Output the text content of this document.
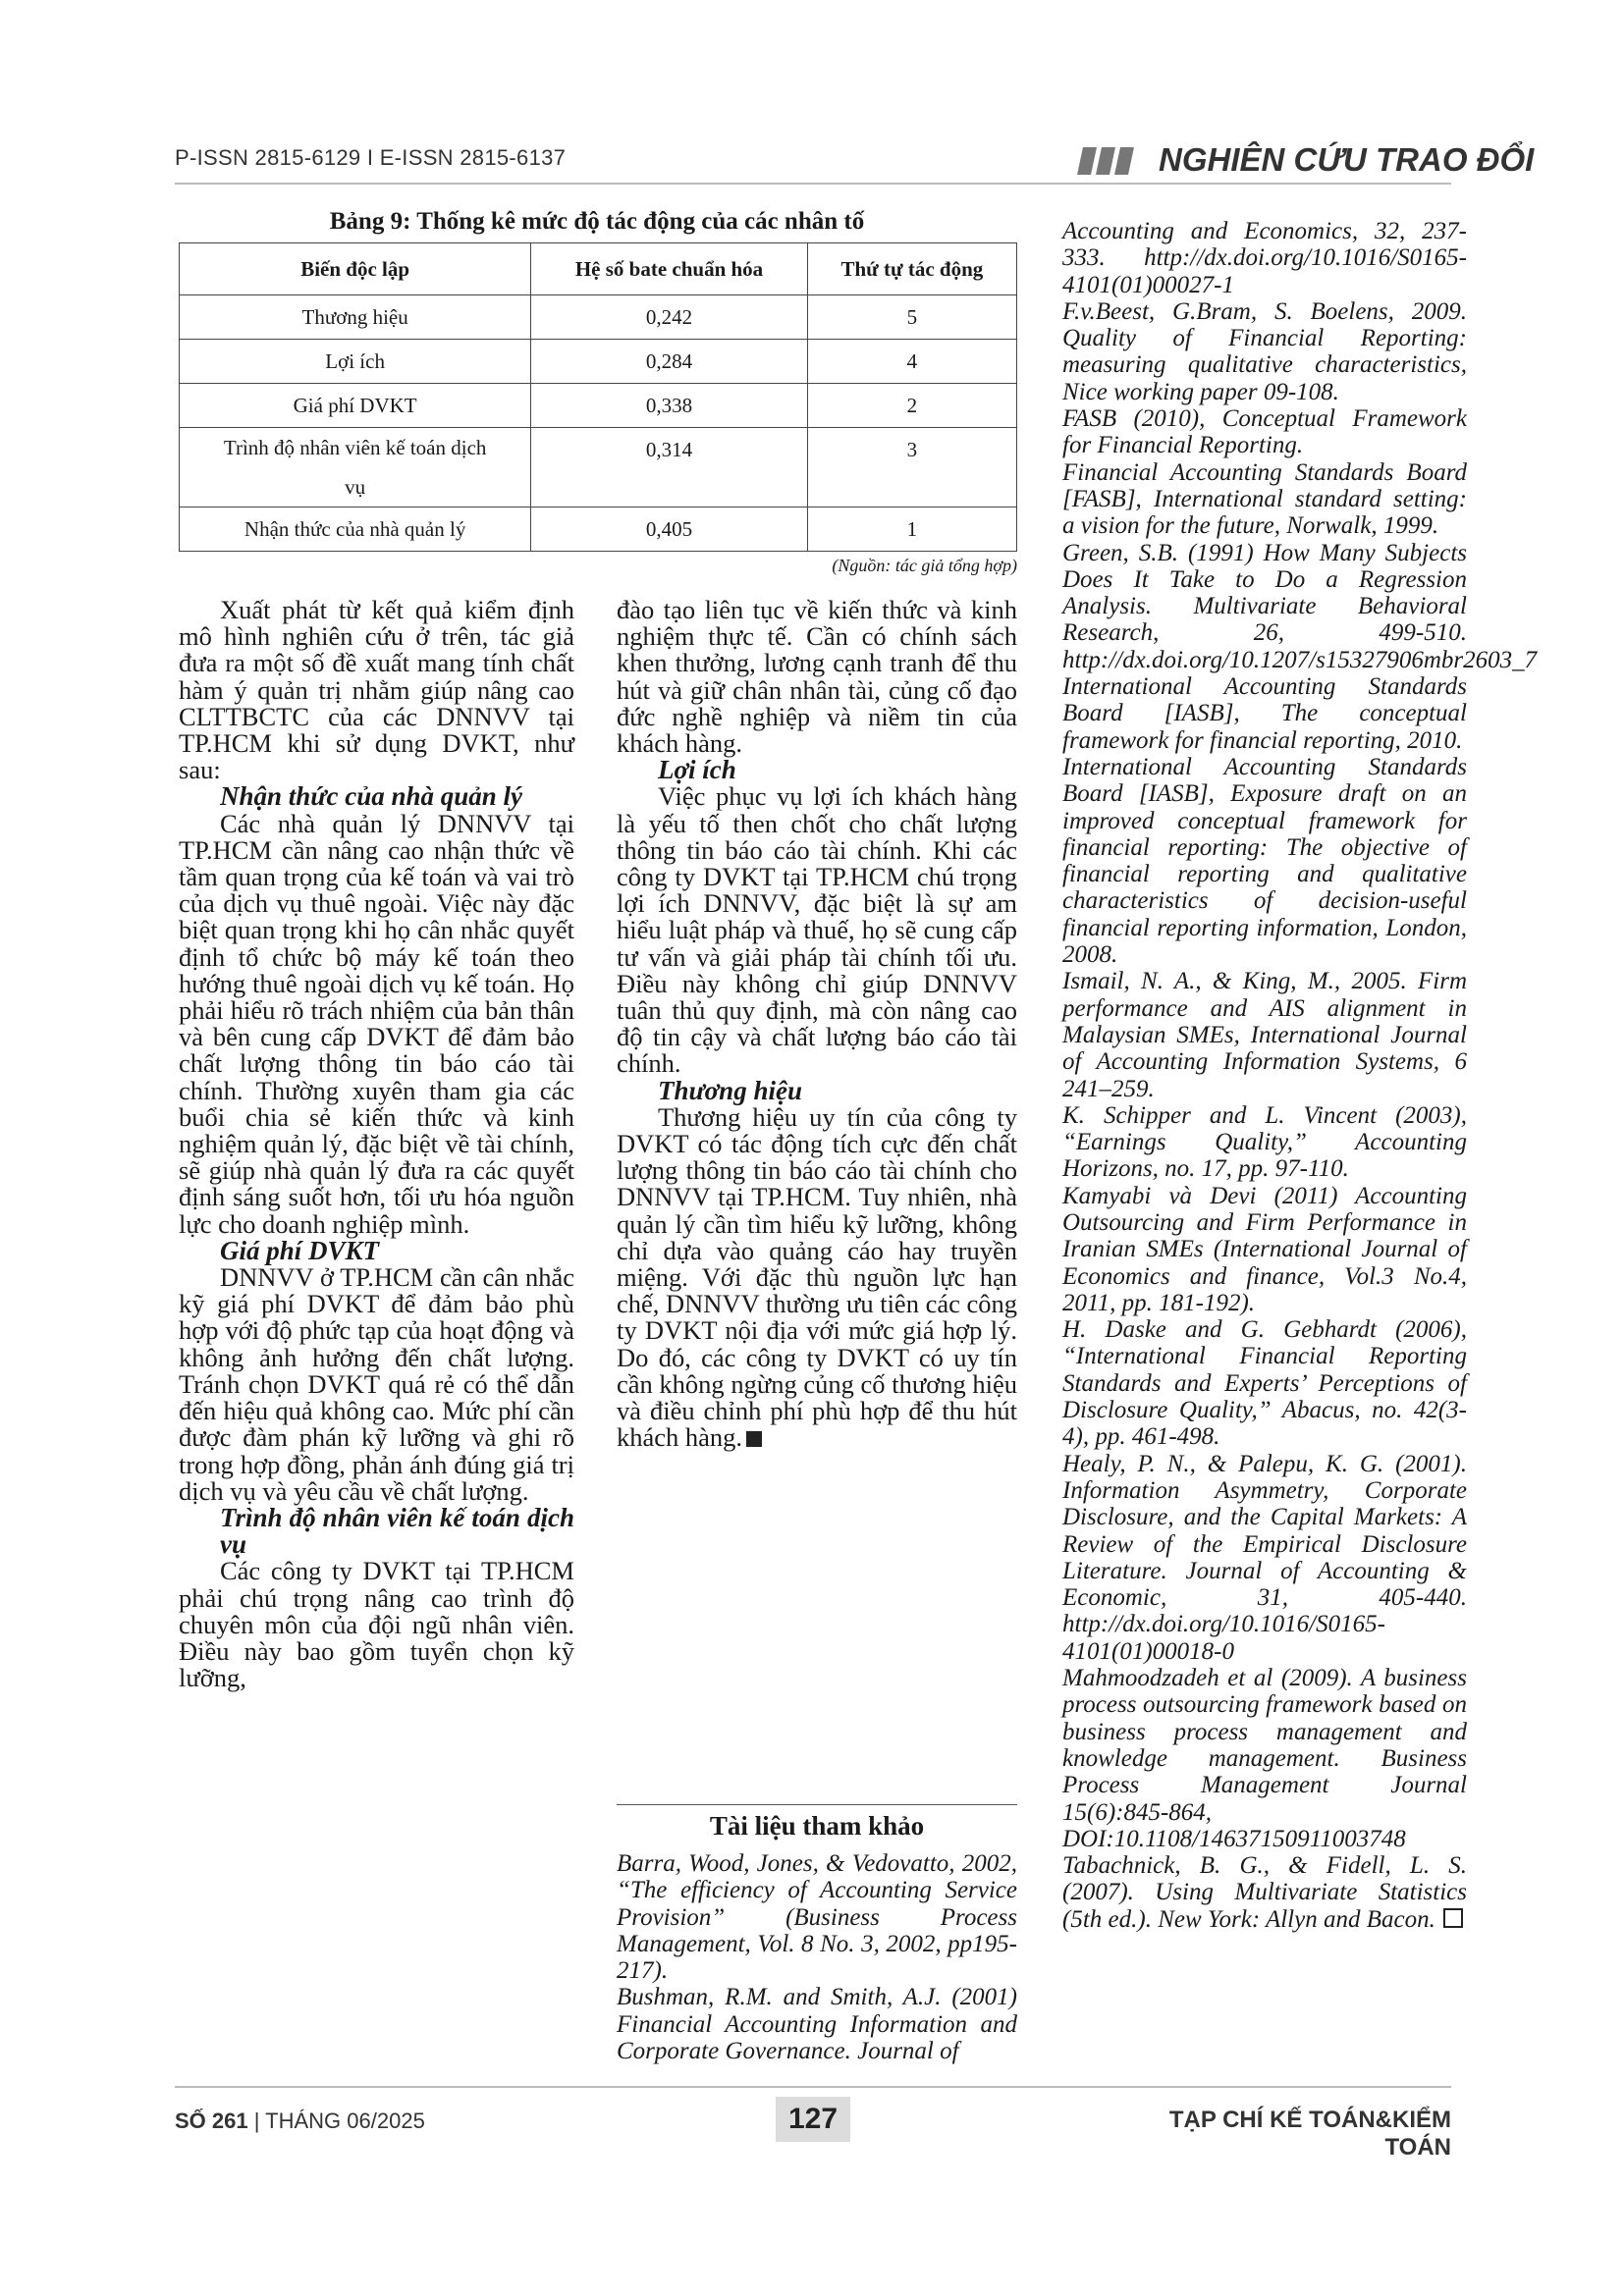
P-ISSN 2815-6129 I E-ISSN 2815-6137	NGHIÊN CỨU TRAO ĐỔI
Bảng 9: Thống kê mức độ tác động của các nhân tố
Biến độc lập	Hệ số bate chuẩn hóa	Thứ tự tác động
Thương hiệu	0,242	5
Lợi ích	0,284	4
Giá phí DVKT	0,338	2
Trình độ nhân viên kế toán dịch vụ	0,314	3
Nhận thức của nhà quản lý	0,405	1
(Nguồn: tác giả tổng hợp)

Xuất phát từ kết quả kiểm định mô hình nghiên cứu ở trên, tác giả đưa ra một số đề xuất mang tính chất hàm ý quản trị nhằm giúp nâng cao CLTTBCTC của các DNNVV tại TP.HCM khi sử dụng DVKT, như sau:

Nhận thức của nhà quản lý

Các nhà quản lý DNNVV tại TP.HCM cần nâng cao nhận thức về tầm quan trọng của kế toán và vai trò của dịch vụ thuê ngoài. Việc này đặc biệt quan trọng khi họ cân nhắc quyết định tổ chức bộ máy kế toán theo hướng thuê ngoài dịch vụ kế toán. Họ phải hiểu rõ trách nhiệm của bản thân và bên cung cấp DVKT để đảm bảo chất lượng thông tin báo cáo tài chính. Thường xuyên tham gia các buổi chia sẻ kiến thức và kinh nghiệm quản lý, đặc biệt về tài chính, sẽ giúp nhà quản lý đưa ra các quyết định sáng suốt hơn, tối ưu hóa nguồn lực cho doanh nghiệp mình.

Giá phí DVKT

DNNVV ở TP.HCM cần cân nhắc kỹ giá phí DVKT để đảm bảo phù hợp với độ phức tạp của hoạt động và không ảnh hưởng đến chất lượng. Tránh chọn DVKT quá rẻ có thể dẫn đến hiệu quả không cao. Mức phí cần được đàm phán kỹ lưỡng và ghi rõ trong hợp đồng, phản ánh đúng giá trị dịch vụ và yêu cầu về chất lượng.

Trình độ nhân viên kế toán dịch vụ

Các công ty DVKT tại TP.HCM phải chú trọng nâng cao trình độ chuyên môn của đội ngũ nhân viên. Điều này bao gồm tuyển chọn kỹ lưỡng,

đào tạo liên tục về kiến thức và kinh nghiệm thực tế. Cần có chính sách khen thưởng, lương cạnh tranh để thu hút và giữ chân nhân tài, củng cố đạo đức nghề nghiệp và niềm tin của khách hàng.

Lợi ích

Việc phục vụ lợi ích khách hàng là yếu tố then chốt cho chất lượng thông tin báo cáo tài chính. Khi các công ty DVKT tại TP.HCM chú trọng lợi ích DNNVV, đặc biệt là sự am hiểu luật pháp và thuế, họ sẽ cung cấp tư vấn và giải pháp tài chính tối ưu. Điều này không chỉ giúp DNNVV tuân thủ quy định, mà còn nâng cao độ tin cậy và chất lượng báo cáo tài chính.

Thương hiệu

Thương hiệu uy tín của công ty DVKT có tác động tích cực đến chất lượng thông tin báo cáo tài chính cho DNNVV tại TP.HCM. Tuy nhiên, nhà quản lý cần tìm hiểu kỹ lưỡng, không chỉ dựa vào quảng cáo hay truyền miệng. Với đặc thù nguồn lực hạn chế, DNNVV thường ưu tiên các công ty DVKT nội địa với mức giá hợp lý. Do đó, các công ty DVKT có uy tín cần không ngừng củng cố thương hiệu và điều chỉnh phí phù hợp để thu hút khách hàng.

Tài liệu tham khảo

Barra, Wood, Jones, & Vedovatto, 2002, “The efficiency of Accounting Service Provision” (Business Process Management, Vol. 8 No. 3, 2002, pp195-217).

Bushman, R.M. and Smith, A.J. (2001) Financial Accounting Information and Corporate Governance. Journal of

Accounting and Economics, 32, 237-333. http://dx.doi.org/10.1016/S0165-4101(01)00027-1

F.v.Beest, G.Bram, S. Boelens, 2009. Quality of Financial Reporting: measuring qualitative characteristics, Nice working paper 09-108.

FASB (2010), Conceptual Framework for Financial Reporting.

Financial Accounting Standards Board [FASB], International standard setting: a vision for the future, Norwalk, 1999.

Green, S.B. (1991) How Many Subjects Does It Take to Do a Regression Analysis. Multivariate Behavioral Research, 26, 499-510. http://dx.doi.org/10.1207/s15327906mbr2603_7

International Accounting Standards Board [IASB], The conceptual framework for financial reporting, 2010.

International Accounting Standards Board [IASB], Exposure draft on an improved conceptual framework for financial reporting: The objective of financial reporting and qualitative characteristics of decision-useful financial reporting information, London, 2008.

Ismail, N. A., & King, M., 2005. Firm performance and AIS alignment in Malaysian SMEs, International Journal of Accounting Information Systems, 6 241–259.

K. Schipper and L. Vincent (2003), “Earnings Quality,” Accounting Horizons, no. 17, pp. 97-110.

Kamyabi và Devi (2011) Accounting Outsourcing and Firm Performance in Iranian SMEs (International Journal of Economics and finance, Vol.3 No.4, 2011, pp. 181-192).

H. Daske and G. Gebhardt (2006), “International Financial Reporting Standards and Experts’ Perceptions of Disclosure Quality,” Abacus, no. 42(3-4), pp. 461-498.

Healy, P. N., & Palepu, K. G. (2001). Information Asymmetry, Corporate Disclosure, and the Capital Markets: A Review of the Empirical Disclosure Literature. Journal of Accounting & Economic, 31, 405-440. http://dx.doi.org/10.1016/S0165-4101(01)00018-0

Mahmoodzadeh et al (2009). A business process outsourcing framework based on business process management and knowledge management. Business Process Management Journal 15(6):845-864, DOI:10.1108/14637150911003748

Tabachnick, B. G., & Fidell, L. S. (2007). Using Multivariate Statistics (5th ed.). New York: Allyn and Bacon.

SỐ 261 | THÁNG 06/2025	127	TẠP CHÍ KẾ TOÁN&KIỂM TOÁN
